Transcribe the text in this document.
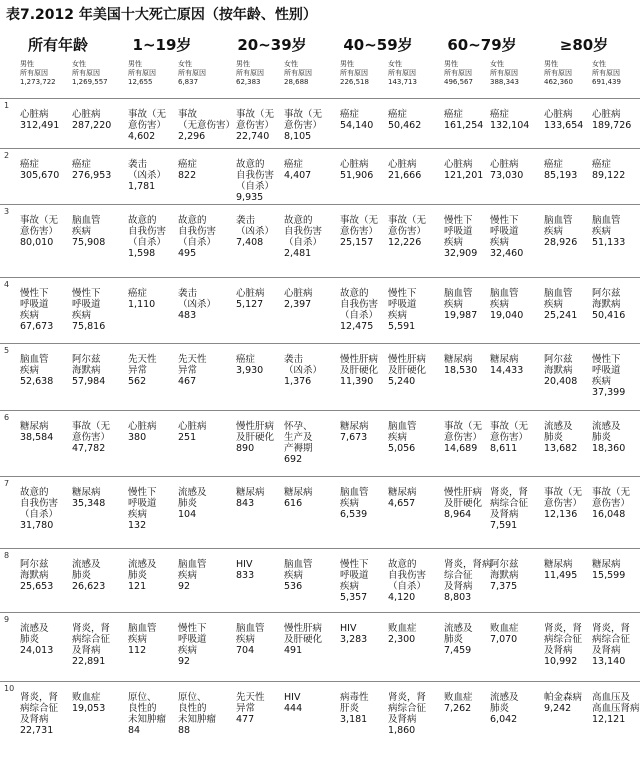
表7.2012 年美国十大死亡原因（按年龄、性别）
所有年龄
男性
所有原因
1,273,722
女性
所有原因
1,269,557
1~19岁
男性
所有原因
12,655
女性
所有原因
6,837
20~39岁
男性
所有原因
62,383
女性
所有原因
28,688
40~59岁
男性
所有原因
226,518
女性
所有原因
143,713
60~79岁
男性
所有原因
496,567
女性
所有原因
388,343
≥80岁
男性
所有原因
462,360
女性
所有原因
691,439
1
心脏病
312,491
心脏病
287,220
事故（无
意伤害）
4,602
事故
（无意伤害）
2,296
事故（无
意伤害）
22,740
事故（无
意伤害）
8,105
癌症
54,140
癌症
50,462
癌症
161,254
癌症
132,104
心脏病
133,654
心脏病
189,726
2
癌症
305,670
癌症
276,953
袭击
（凶杀）
1,781
癌症
822
故意的
自我伤害
（自杀）
9,935
癌症
4,407
心脏病
51,906
心脏病
21,666
心脏病
121,201
心脏病
73,030
癌症
85,193
癌症
89,122
3
事故（无
意伤害）
80,010
脑血管
疾病
75,908
故意的
自我伤害
（自杀）
1,598
故意的
自我伤害
（自杀）
495
袭击
（凶杀）
7,408
故意的
自我伤害
（自杀）
2,481
事故（无
意伤害）
25,157
事故（无
意伤害）
12,226
慢性下
呼吸道
疾病
32,909
慢性下
呼吸道
疾病
32,460
脑血管
疾病
28,926
脑血管
疾病
51,133
4
慢性下
呼吸道
疾病
67,673
慢性下
呼吸道
疾病
75,816
癌症
1,110
袭击
（凶杀）
483
心脏病
5,127
心脏病
2,397
故意的
自我伤害
（自杀）
12,475
慢性下
呼吸道
疾病
5,591
脑血管
疾病
19,987
脑血管
疾病
19,040
脑血管
疾病
25,241
阿尔兹
海默病
50,416
5
脑血管
疾病
52,638
阿尔兹
海默病
57,984
先天性
异常
562
先天性
异常
467
癌症
3,930
袭击
（凶杀）
1,376
慢性肝病
及肝硬化
11,390
慢性肝病
及肝硬化
5,240
糖尿病
18,530
糖尿病
14,433
阿尔兹
海默病
20,408
慢性下
呼吸道
疾病
37,399
6
糖尿病
38,584
事故（无
意伤害）
47,782
心脏病
380
心脏病
251
慢性肝病
及肝硬化
890
怀孕、
生产及
产褥期
692
糖尿病
7,673
脑血管
疾病
5,056
事故（无
意伤害）
14,689
事故（无
意伤害）
8,611
流感及
肺炎
13,682
流感及
肺炎
18,360
7
故意的
自我伤害
（自杀）
31,780
糖尿病
35,348
慢性下
呼吸道
疾病
132
流感及
肺炎
104
糖尿病
843
糖尿病
616
脑血管
疾病
6,539
糖尿病
4,657
慢性肝病
及肝硬化
8,964
肾炎，肾
病综合征
及肾病
7,591
事故（无
意伤害）
12,136
事故（无
意伤害）
16,048
8
阿尔兹
海默病
25,653
流感及
肺炎
26,623
流感及
肺炎
121
脑血管
疾病
92
HIV
833
脑血管
疾病
536
慢性下
呼吸道
疾病
5,357
故意的
自我伤害
（自杀）
4,120
肾炎，肾病
综合征
及肾病
8,803
阿尔兹
海默病
7,375
糖尿病
11,495
糖尿病
15,599
9
流感及
肺炎
24,013
肾炎，肾
病综合征
及肾病
22,891
脑血管
疾病
112
慢性下
呼吸道
疾病
92
脑血管
疾病
704
慢性肝病
及肝硬化
491
HIV
3,283
败血症
2,300
流感及
肺炎
7,459
败血症
7,070
肾炎，肾
病综合征
及肾病
10,992
肾炎，肾
病综合征
及肾病
13,140
10
肾炎，肾
病综合征
及肾病
22,731
败血症
19,053
原位、
良性的
未知肿瘤
84
原位、
良性的
未知肿瘤
88
先天性
异常
477
HIV
444
病毒性
肝炎
3,181
肾炎，肾
病综合征
及肾病
1,860
败血症
7,262
流感及
肺炎
6,042
帕金森病
9,242
高血压及
高血压肾病
12,121
